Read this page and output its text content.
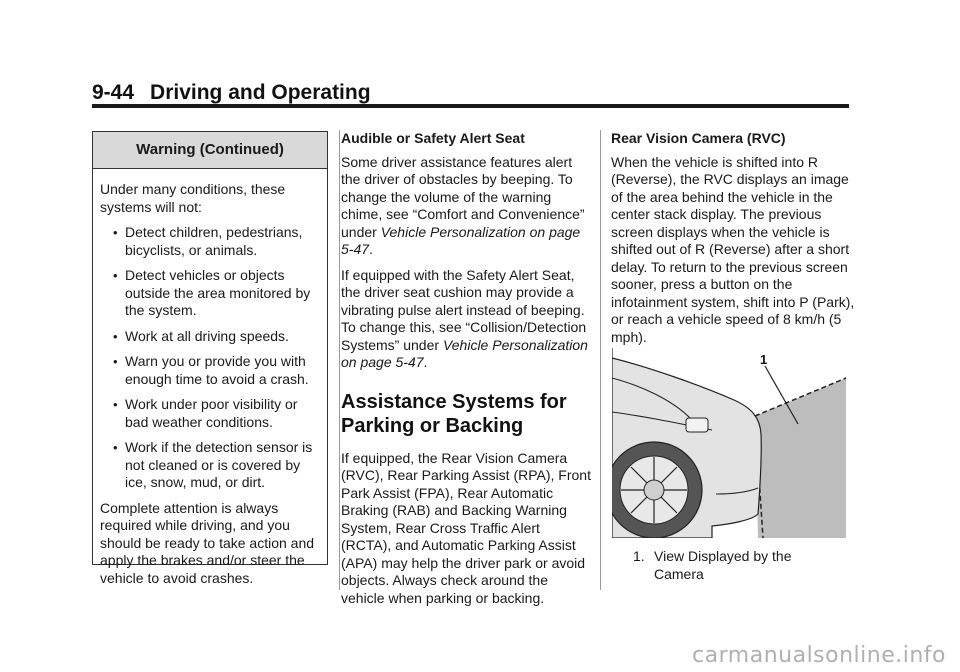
9-44 Driving and Operating
Warning (Continued)

Under many conditions, these systems will not:

• Detect children, pedestrians, bicyclists, or animals.
• Detect vehicles or objects outside the area monitored by the system.
• Work at all driving speeds.
• Warn you or provide you with enough time to avoid a crash.
• Work under poor visibility or bad weather conditions.
• Work if the detection sensor is not cleaned or is covered by ice, snow, mud, or dirt.

Complete attention is always required while driving, and you should be ready to take action and apply the brakes and/or steer the vehicle to avoid crashes.

Audible or Safety Alert Seat

Some driver assistance features alert the driver of obstacles by beeping. To change the volume of the warning chime, see “Comfort and Convenience” under Vehicle Personalization on page 5-47.

If equipped with the Safety Alert Seat, the driver seat cushion may provide a vibrating pulse alert instead of beeping. To change this, see “Collision/Detection Systems” under Vehicle Personalization on page 5-47.

Assistance Systems for Parking or Backing

If equipped, the Rear Vision Camera (RVC), Rear Parking Assist (RPA), Front Park Assist (FPA), Rear Automatic Braking (RAB) and Backing Warning System, Rear Cross Traffic Alert (RCTA), and Automatic Parking Assist (APA) may help the driver park or avoid objects. Always check around the vehicle when parking or backing.

Rear Vision Camera (RVC)

When the vehicle is shifted into R (Reverse), the RVC displays an image of the area behind the vehicle in the center stack display. The previous screen displays when the vehicle is shifted out of R (Reverse) after a short delay. To return to the previous screen sooner, press a button on the infotainment system, shift into P (Park), or reach a vehicle speed of 8 km/h (5 mph).

1
1. View Displayed by the
Camera
carmanualsonline.info
